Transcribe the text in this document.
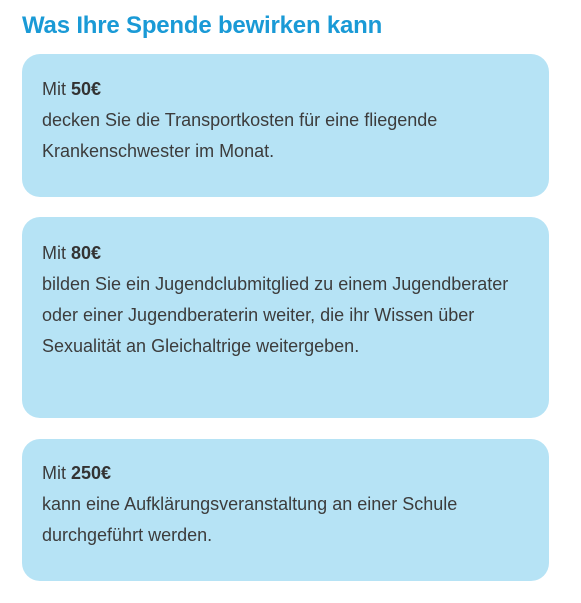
Was Ihre Spende bewirken kann
Mit 50€
decken Sie die Transportkosten für eine fliegende Krankenschwester im Monat.
Mit 80€
bilden Sie ein Jugendclubmitglied zu einem Jugendberater oder einer Jugendberaterin weiter, die ihr Wissen über Sexualität an Gleichaltrige weitergeben.
Mit 250€
kann eine Aufklärungsveranstaltung an einer Schule durchgeführt werden.
